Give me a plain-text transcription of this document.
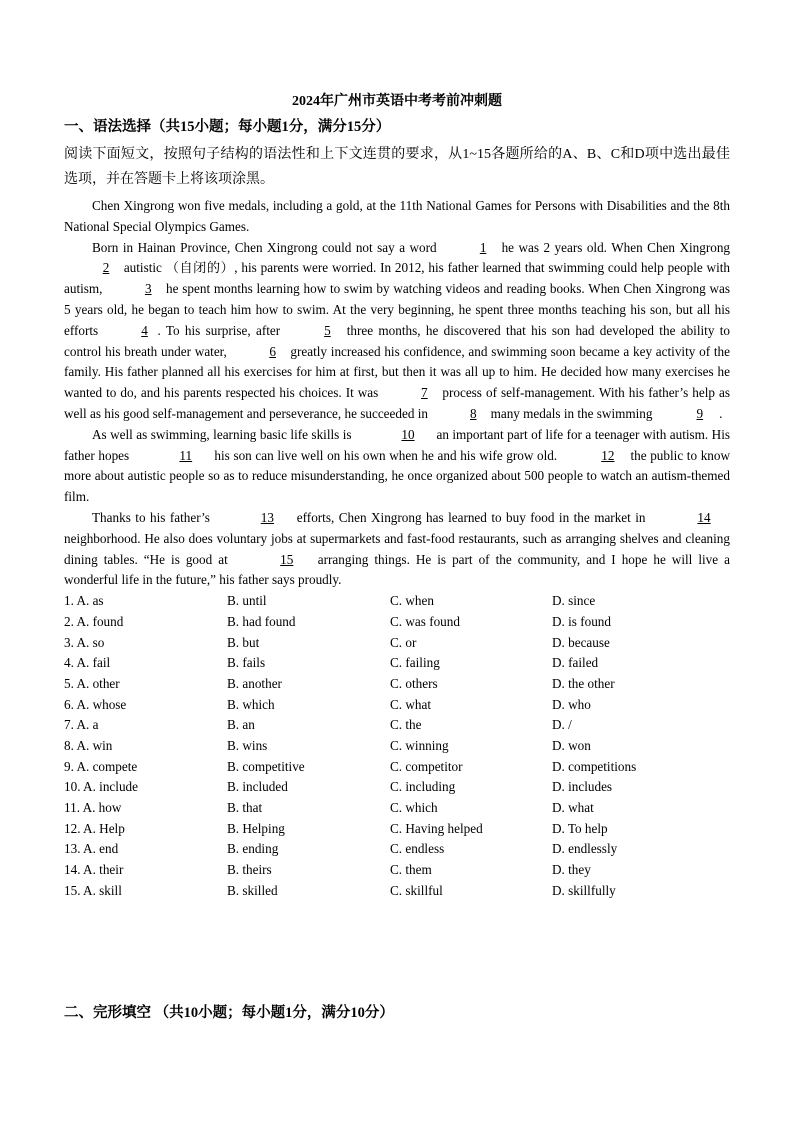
2024年广州市英语中考考前冲刺题
一、语法选择（共15小题；每小题1分，满分15分）
阅读下面短文，按照句子结构的语法性和上下文连贯的要求，从1~15各题所给的A、B、C和D项中选出最佳选项，并在答题卡上将该项涂黑。

Chen Xingrong won five medals, including a gold, at the 11th National Games for Persons with Disabilities and the 8th National Special Olympics Games.

Born in Hainan Province, Chen Xingrong could not say a word	1 he was 2 years old. When Chen Xingrong 2 autistic （自闭的）, his parents were worried. In 2012, his father learned that swimming could help people with autism,	3 he spent months learning how to swim by watching videos and reading books. When Chen Xingrong was 5 years old, he began to teach him how to swim. At the very beginning, he spent three months teaching his son, but all his efforts	4 . To his surprise, after	5 three months, he discovered that his son had developed the ability to control his breath under water,	6 greatly increased his confidence, and swimming soon became a key activity of the family. His father planned all his exercises for him at first, but then it was all up to him. He decided how many exercises he wanted to do, and his parents respected his choices. It was	7 process of self-management. With his father’s help as well as his good self-management and perseverance, he succeeded in	8 many medals in the swimming	9 .

As well as swimming, learning basic life skills is	10 an important part of life for a teenager with autism. His father hopes	11 his son can live well on his own when he and his wife grow old.	12 the public to know more about autistic people so as to reduce misunderstanding, he once organized about 500 people to watch an autism-themed film.

Thanks to his father’s	13 efforts, Chen Xingrong has learned to buy food in the market in	14 neighborhood. He also does voluntary jobs at supermarkets and fast-food restaurants, such as arranging shelves and cleaning dining tables. “He is good at	15 arranging things. He is part of the community, and I hope he will live a wonderful life in the future,” his father says proudly.

1. A. as	B. until	C. when	D. since
2. A. found	B. had found	C. was found	D. is found
3. A. so	B. but	C. or	D. because
4. A. fail	B. fails	C. failing	D. failed
5. A. other	B. another	C. others	D. the other
6. A. whose	B. which	C. what	D. who
7. A. a	B. an	C. the	D. /
8. A. win	B. wins	C. winning	D. won
9. A. compete	B. competitive	C. competitor	D. competitions
10. A. include	B. included	C. including	D. includes
11. A. how	B. that	C. which	D. what
12. A. Help	B. Helping	C. Having helped	D. To help
13. A. end	B. ending	C. endless	D. endlessly
14. A. their	B. theirs	C. them	D. they
15. A. skill	B. skilled	C. skillful	D. skillfully
二、完形填空 （共10小题；每小题1分，满分10分）
